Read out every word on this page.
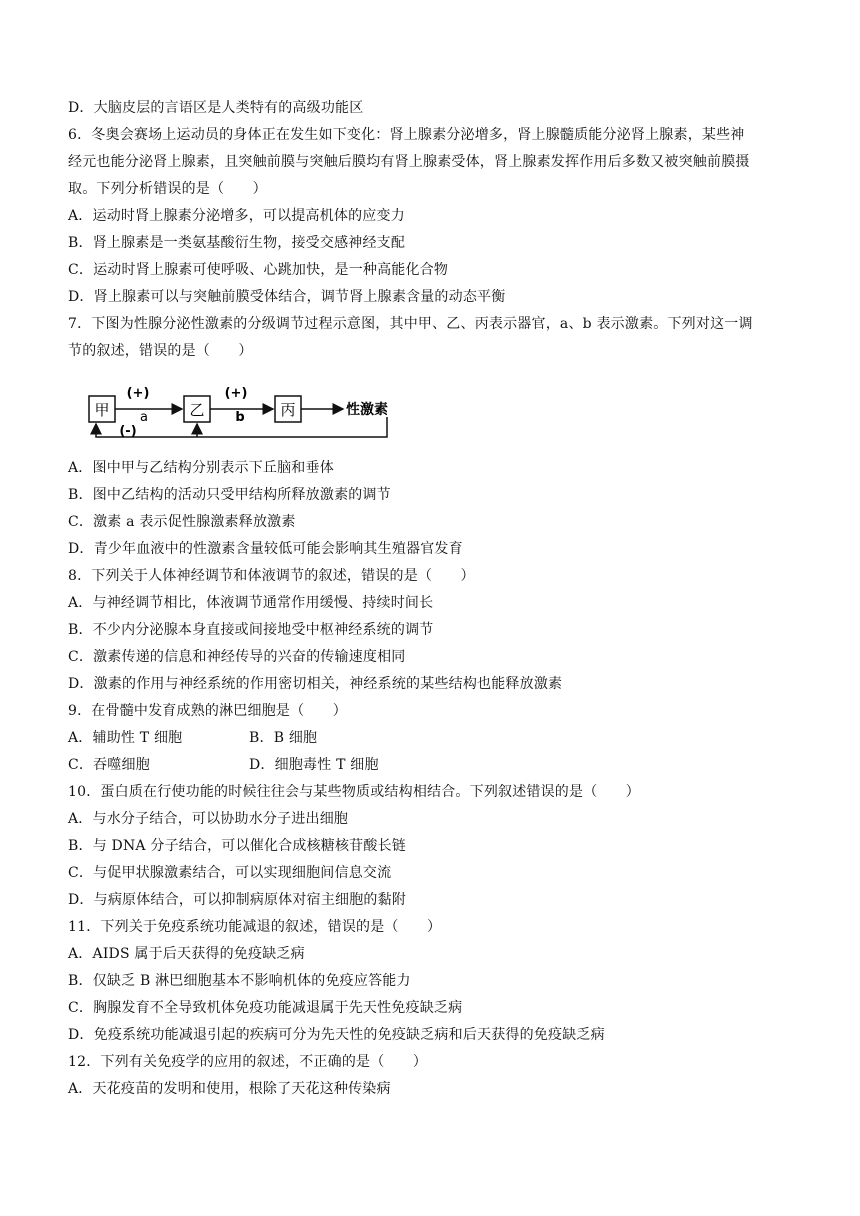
D．大脑皮层的言语区是人类特有的高级功能区
6．冬奥会赛场上运动员的身体正在发生如下变化：肾上腺素分泌增多，肾上腺髓质能分泌肾上腺素，某些神
经元也能分泌肾上腺素，且突触前膜与突触后膜均有肾上腺素受体，肾上腺素发挥作用后多数又被突触前膜摄
取。下列分析错误的是（　　）
A．运动时肾上腺素分泌增多，可以提高机体的应变力
B．肾上腺素是一类氨基酸衍生物，接受交感神经支配
C．运动时肾上腺素可使呼吸、心跳加快，是一种高能化合物
D．肾上腺素可以与突触前膜受体结合，调节肾上腺素含量的动态平衡
7．下图为性腺分泌性激素的分级调节过程示意图，其中甲、乙、丙表示器官，a、b 表示激素。下列对这一调
节的叙述，错误的是（　　）
甲	乙	丙
(+)
a
(+)
b	性激素
(-)
A．图中甲与乙结构分别表示下丘脑和垂体
B．图中乙结构的活动只受甲结构所释放激素的调节
C．激素 a 表示促性腺激素释放激素
D．青少年血液中的性激素含量较低可能会影响其生殖器官发育
8．下列关于人体神经调节和体液调节的叙述，错误的是（　　）
A．与神经调节相比，体液调节通常作用缓慢、持续时间长
B．不少内分泌腺本身直接或间接地受中枢神经系统的调节
C．激素传递的信息和神经传导的兴奋的传输速度相同
D．激素的作用与神经系统的作用密切相关，神经系统的某些结构也能释放激素
9．在骨髓中发育成熟的淋巴细胞是（　　）
A．辅助性 T 细胞	B．B 细胞
C．吞噬细胞	D．细胞毒性 T 细胞
10．蛋白质在行使功能的时候往往会与某些物质或结构相结合。下列叙述错误的是（　　）
A．与水分子结合，可以协助水分子进出细胞
B．与 DNA 分子结合，可以催化合成核糖核苷酸长链
C．与促甲状腺激素结合，可以实现细胞间信息交流
D．与病原体结合，可以抑制病原体对宿主细胞的黏附
11．下列关于免疫系统功能减退的叙述，错误的是（　　）
A．AIDS 属于后天获得的免疫缺乏病
B．仅缺乏 B 淋巴细胞基本不影响机体的免疫应答能力
C．胸腺发育不全导致机体免疫功能减退属于先天性免疫缺乏病
D．免疫系统功能减退引起的疾病可分为先天性的免疫缺乏病和后天获得的免疫缺乏病
12．下列有关免疫学的应用的叙述，不正确的是（　　）
A．天花疫苗的发明和使用，根除了天花这种传染病
